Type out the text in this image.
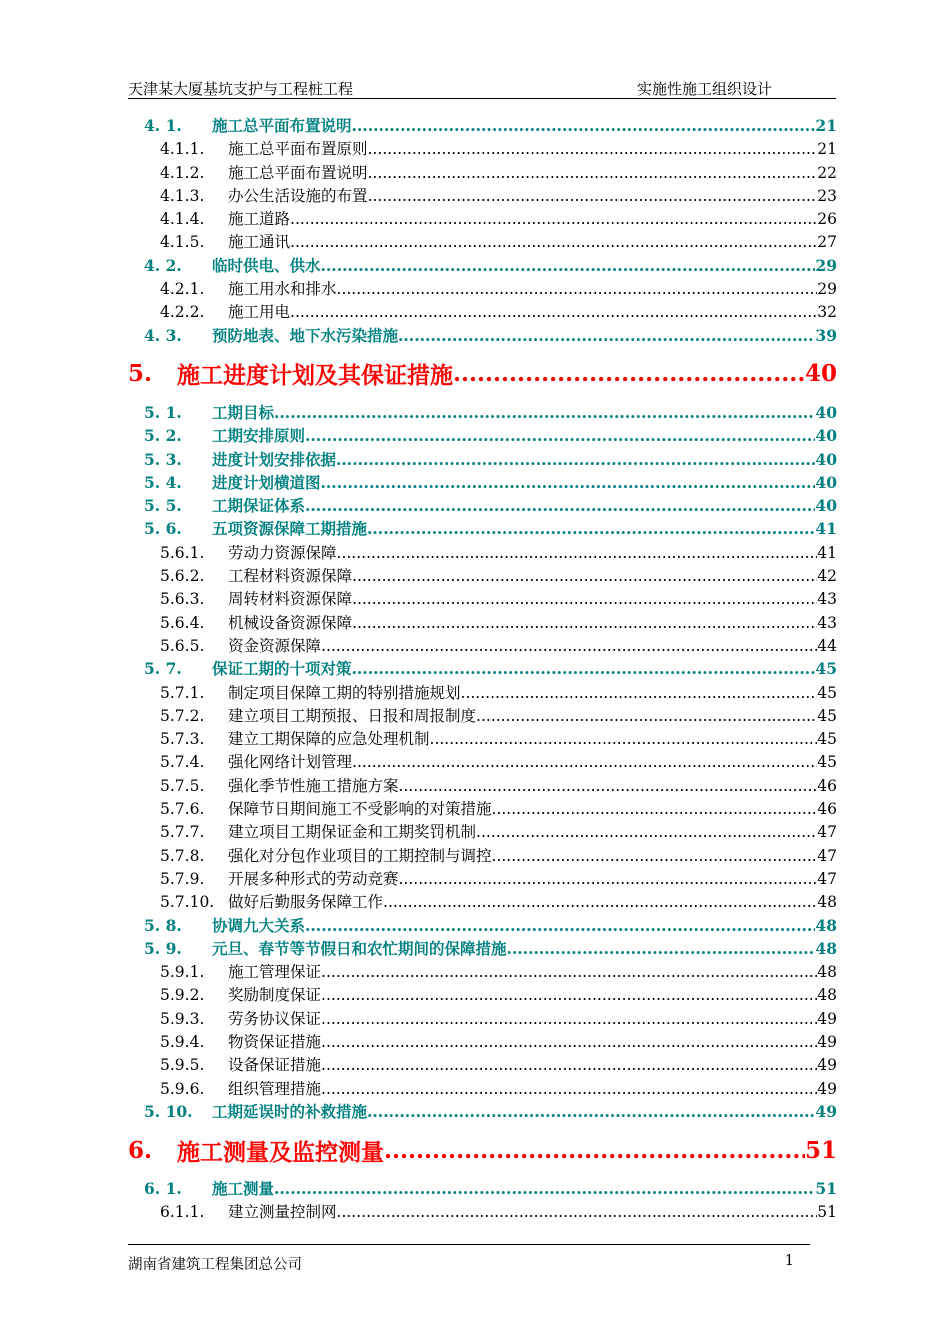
天津某大厦基坑支护与工程桩工程	实施性施工组织设计
4. 1.	施工总平面布置说明 .....	21
4.1.1.	施工总平面布置原则 .....	21
4.1.2.	施工总平面布置说明 .....	22
4.1.3.	办公生活设施的布置 .....	23
4.1.4.	施工道路 .....	26
4.1.5.	施工通讯 .....	27
4. 2.	临时供电、供水 .....	29
4.2.1.	施工用水和排水 .....	29
4.2.2.	施工用电 .....	32
4. 3.	预防地表、地下水污染措施 .....	39
5.	施工进度计划及其保证措施 .....	40
5. 1.	工期目标 .....	40
5. 2.	工期安排原则 .....	40
5. 3.	进度计划安排依据 .....	40
5. 4.	进度计划横道图 .....	40
5. 5.	工期保证体系 .....	40
5. 6.	五项资源保障工期措施 .....	41
5.6.1.	劳动力资源保障 .....	41
5.6.2.	工程材料资源保障 .....	42
5.6.3.	周转材料资源保障 .....	43
5.6.4.	机械设备资源保障 .....	43
5.6.5.	资金资源保障 .....	44
5. 7.	保证工期的十项对策 .....	45
5.7.1.	制定项目保障工期的特别措施规划 .....	45
5.7.2.	建立项目工期预报、日报和周报制度 .....	45
5.7.3.	建立工期保障的应急处理机制 .....	45
5.7.4.	强化网络计划管理 .....	45
5.7.5.	强化季节性施工措施方案 .....	46
5.7.6.	保障节日期间施工不受影响的对策措施 .....	46
5.7.7.	建立项目工期保证金和工期奖罚机制 .....	47
5.7.8.	强化对分包作业项目的工期控制与调控 .....	47
5.7.9.	开展多种形式的劳动竞赛 .....	47
5.7.10. 做好后勤服务保障工作 .....	48
5. 8.	协调九大关系 .....	48
5. 9.	元旦、春节等节假日和农忙期间的保障措施 .....	48
5.9.1.	施工管理保证 .....	48
5.9.2.	奖励制度保证 .....	48
5.9.3.	劳务协议保证 .....	49
5.9.4.	物资保证措施 .....	49
5.9.5.	设备保证措施 .....	49
5.9.6.	组织管理措施 .....	49
5. 10.	工期延误时的补救措施 .....	49
6.	施工测量及监控测量 .....	51
6. 1.	施工测量 .....	51
6.1.1.	建立测量控制网 .....	51
湖南省建筑工程集团总公司	1
